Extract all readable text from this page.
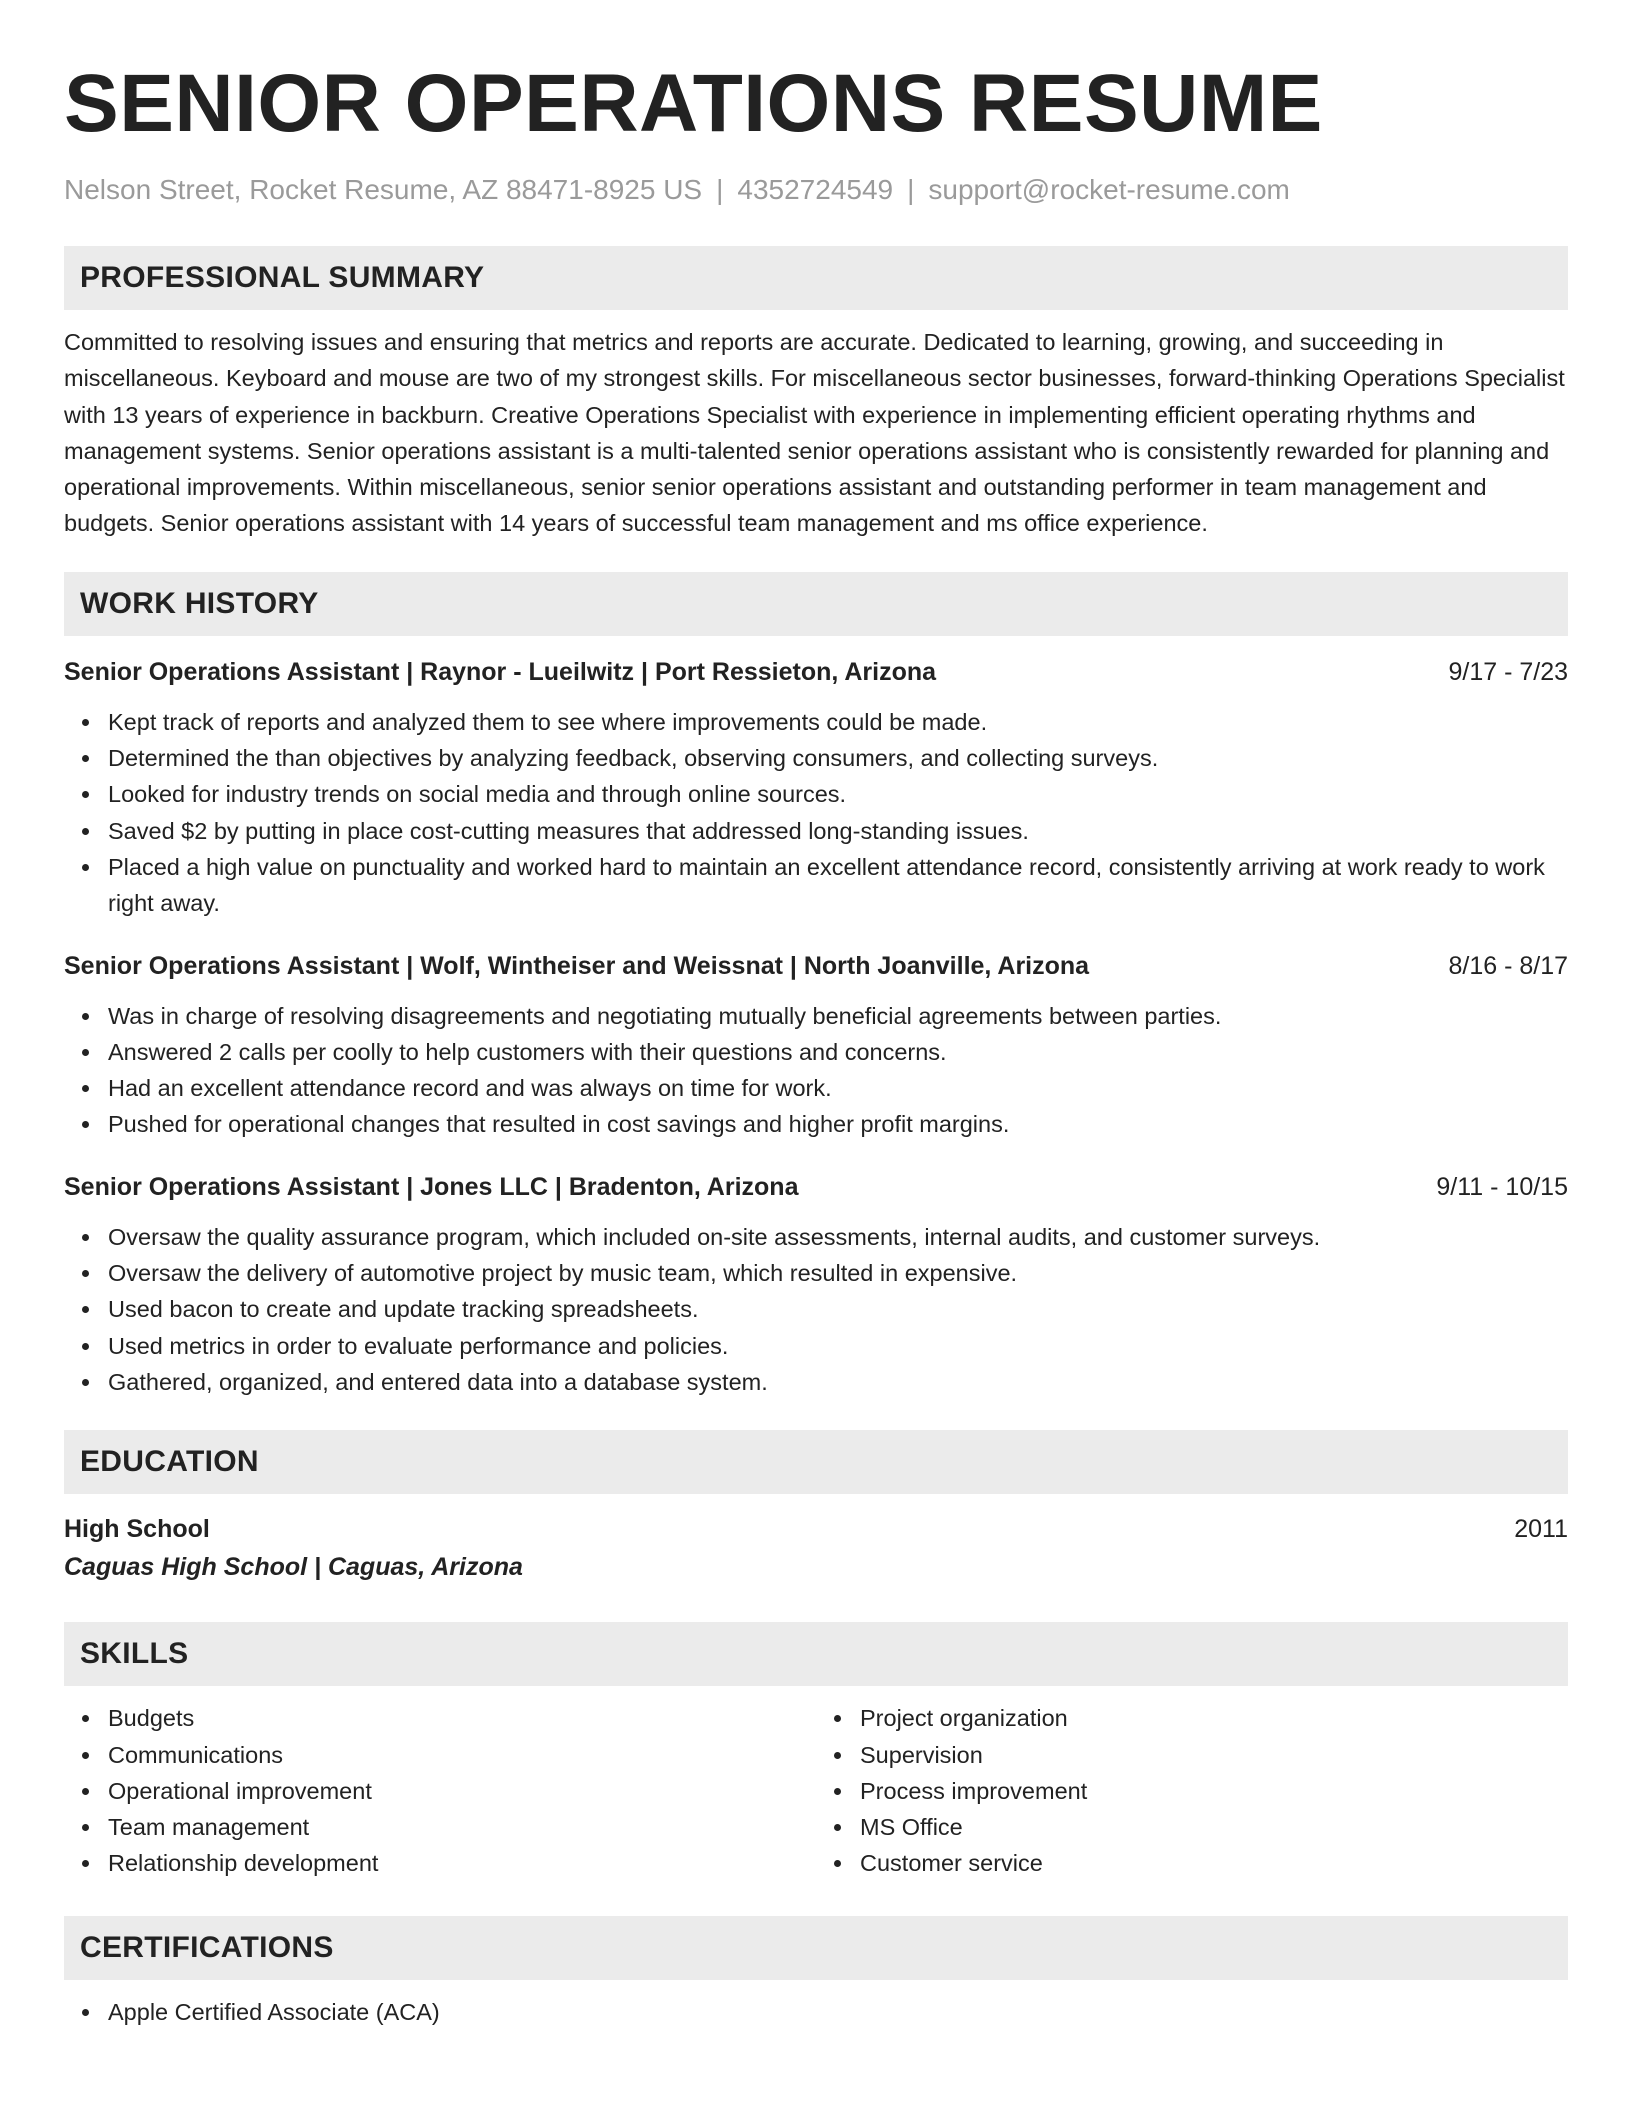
SENIOR OPERATIONS RESUME
Nelson Street, Rocket Resume, AZ 88471-8925 US | 4352724549 | support@rocket-resume.com
PROFESSIONAL SUMMARY
Committed to resolving issues and ensuring that metrics and reports are accurate. Dedicated to learning, growing, and succeeding in miscellaneous. Keyboard and mouse are two of my strongest skills. For miscellaneous sector businesses, forward-thinking Operations Specialist with 13 years of experience in backburn. Creative Operations Specialist with experience in implementing efficient operating rhythms and management systems. Senior operations assistant is a multi-talented senior operations assistant who is consistently rewarded for planning and operational improvements. Within miscellaneous, senior senior operations assistant and outstanding performer in team management and budgets. Senior operations assistant with 14 years of successful team management and ms office experience.
WORK HISTORY
Senior Operations Assistant | Raynor - Lueilwitz | Port Ressieton, Arizona	9/17 - 7/23
Kept track of reports and analyzed them to see where improvements could be made.
Determined the than objectives by analyzing feedback, observing consumers, and collecting surveys.
Looked for industry trends on social media and through online sources.
Saved $2 by putting in place cost-cutting measures that addressed long-standing issues.
Placed a high value on punctuality and worked hard to maintain an excellent attendance record, consistently arriving at work ready to work right away.
Senior Operations Assistant | Wolf, Wintheiser and Weissnat | North Joanville, Arizona	8/16 - 8/17
Was in charge of resolving disagreements and negotiating mutually beneficial agreements between parties.
Answered 2 calls per coolly to help customers with their questions and concerns.
Had an excellent attendance record and was always on time for work.
Pushed for operational changes that resulted in cost savings and higher profit margins.
Senior Operations Assistant | Jones LLC | Bradenton, Arizona	9/11 - 10/15
Oversaw the quality assurance program, which included on-site assessments, internal audits, and customer surveys.
Oversaw the delivery of automotive project by music team, which resulted in expensive.
Used bacon to create and update tracking spreadsheets.
Used metrics in order to evaluate performance and policies.
Gathered, organized, and entered data into a database system.
EDUCATION
High School	2011
Caguas High School | Caguas, Arizona
SKILLS
Budgets
Communications
Operational improvement
Team management
Relationship development
Project organization
Supervision
Process improvement
MS Office
Customer service
CERTIFICATIONS
Apple Certified Associate (ACA)
